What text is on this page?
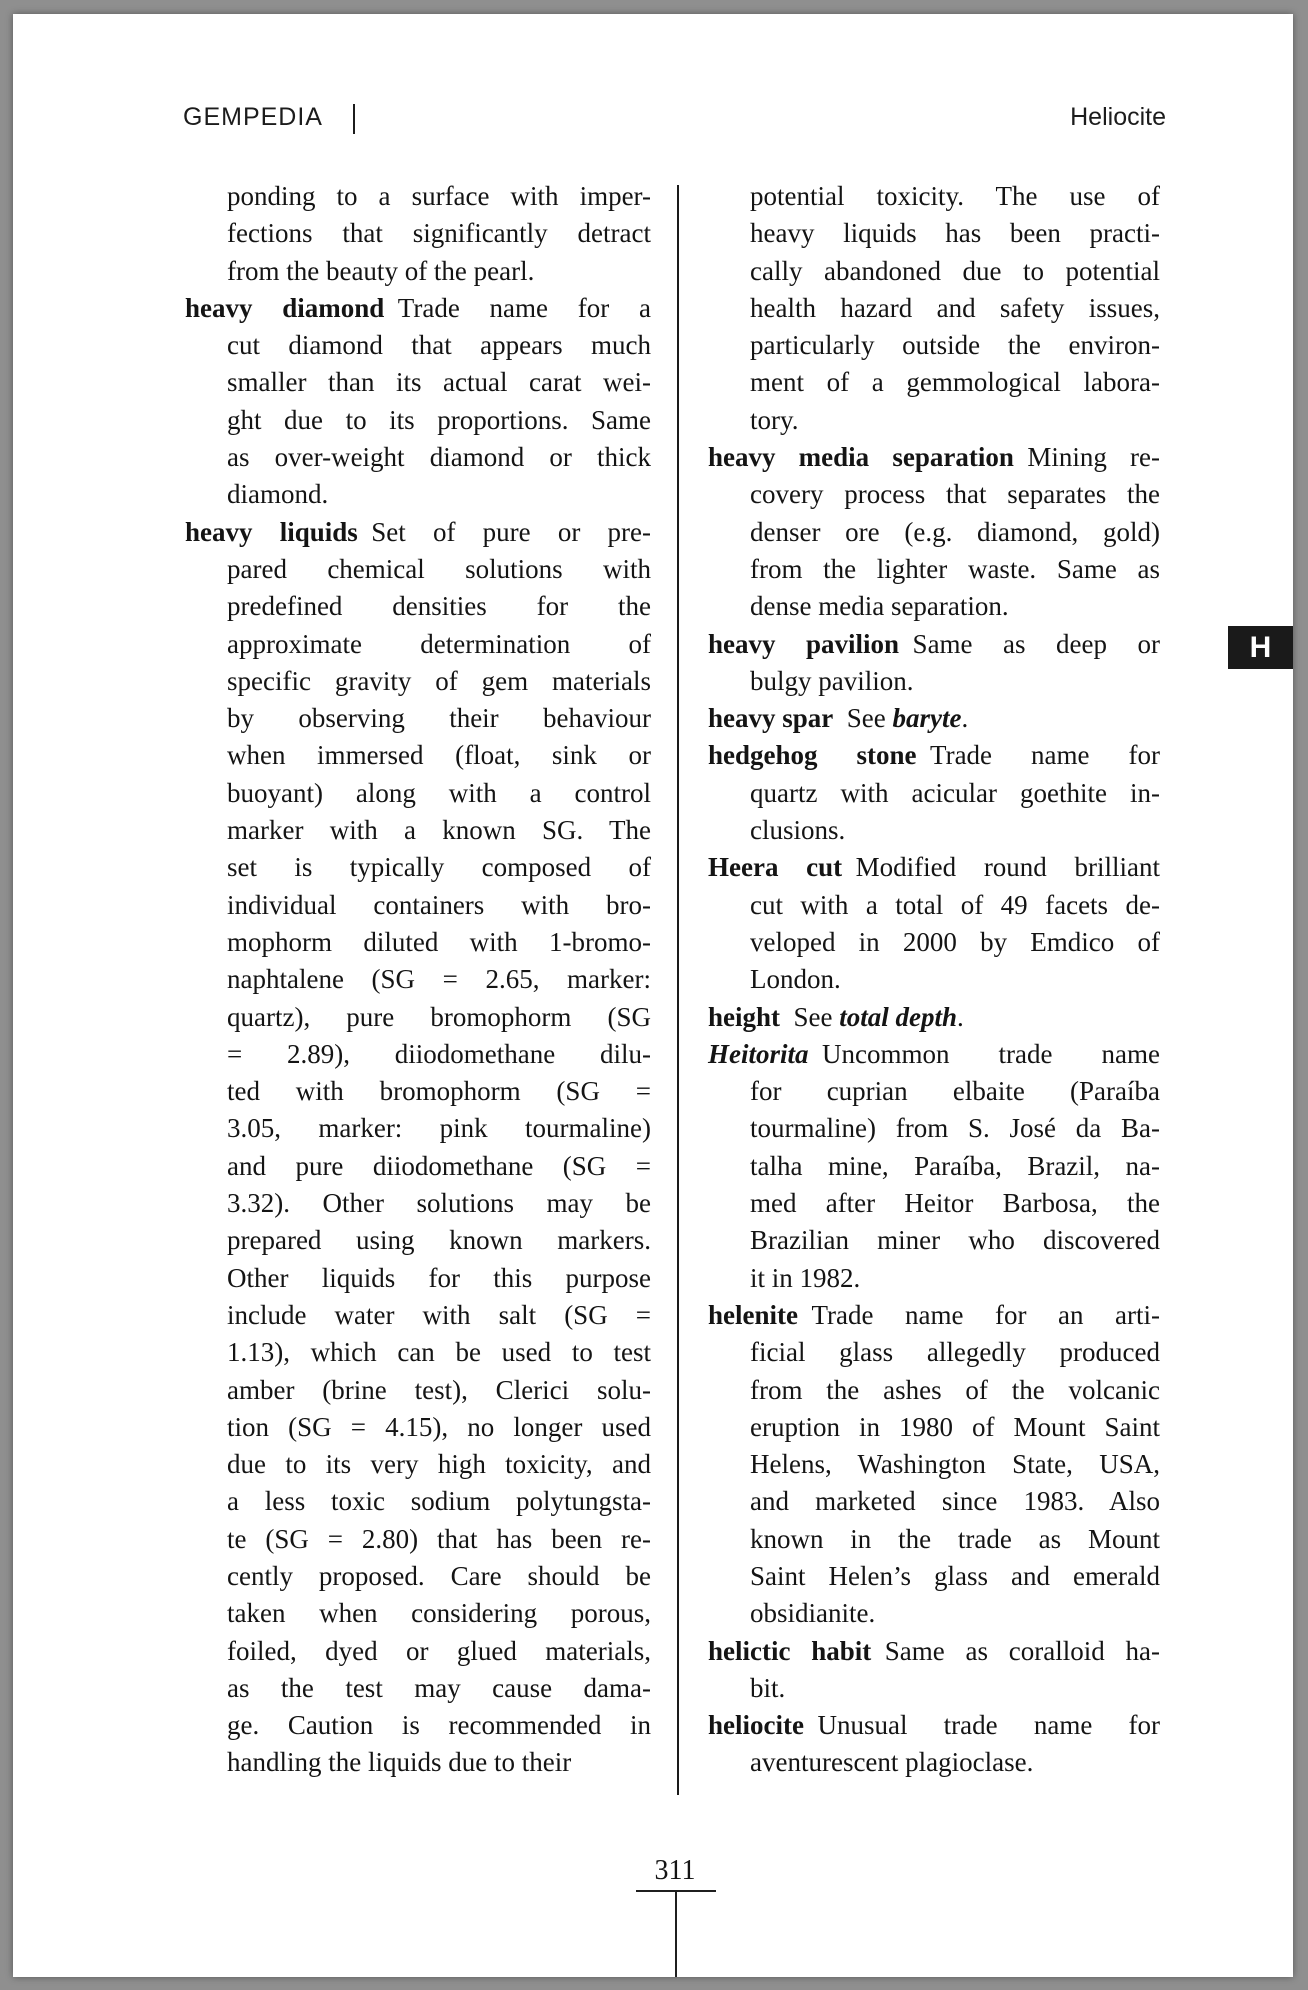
GEMPEDIA	Heliocite
ponding to a surface with imper-
fections that significantly detract
from the beauty of the pearl.
heavy diamond Trade name for a
cut diamond that appears much
smaller than its actual carat wei-
ght due to its proportions. Same
as over-weight diamond or thick
diamond.
heavy liquids Set of pure or pre-
pared chemical solutions with
predefined densities for the
approximate determination of
specific gravity of gem materials
by observing their behaviour
when immersed (float, sink or
buoyant) along with a control
marker with a known SG. The
set is typically composed of
individual containers with bro-
mophorm diluted with 1-bromo-
naphtalene (SG = 2.65, marker:
quartz), pure bromophorm (SG
= 2.89), diiodomethane dilu-
ted with bromophorm (SG =
3.05, marker: pink tourmaline)
and pure diiodomethane (SG =
3.32). Other solutions may be
prepared using known markers.
Other liquids for this purpose
include water with salt (SG =
1.13), which can be used to test
amber (brine test), Clerici solu-
tion (SG = 4.15), no longer used
due to its very high toxicity, and
a less toxic sodium polytungsta-
te (SG = 2.80) that has been re-
cently proposed. Care should be
taken when considering porous,
foiled, dyed or glued materials,
as the test may cause dama-
ge. Caution is recommended in
handling the liquids due to their
potential toxicity. The use of
heavy liquids has been practi-
cally abandoned due to potential
health hazard and safety issues,
particularly outside the environ-
ment of a gemmological labora-
tory.
heavy media separation Mining re-
covery process that separates the
denser ore (e.g. diamond, gold)
from the lighter waste. Same as
dense media separation.
heavy pavilion Same as deep or
bulgy pavilion.
heavy spar See baryte.
hedgehog stone Trade name for
quartz with acicular goethite in-
clusions.
Heera cut Modified round brilliant
cut with a total of 49 facets de-
veloped in 2000 by Emdico of
London.
height See total depth.
Heitorita Uncommon trade name
for cuprian elbaite (Paraíba
tourmaline) from S. José da Ba-
talha mine, Paraíba, Brazil, na-
med after Heitor Barbosa, the
Brazilian miner who discovered
it in 1982.
helenite Trade name for an arti-
ficial glass allegedly produced
from the ashes of the volcanic
eruption in 1980 of Mount Saint
Helens, Washington State, USA,
and marketed since 1983. Also
known in the trade as Mount
Saint Helen’s glass and emerald
obsidianite.
helictic habit Same as coralloid ha-
bit.
heliocite Unusual trade name for
aventurescent plagioclase.
H
311
